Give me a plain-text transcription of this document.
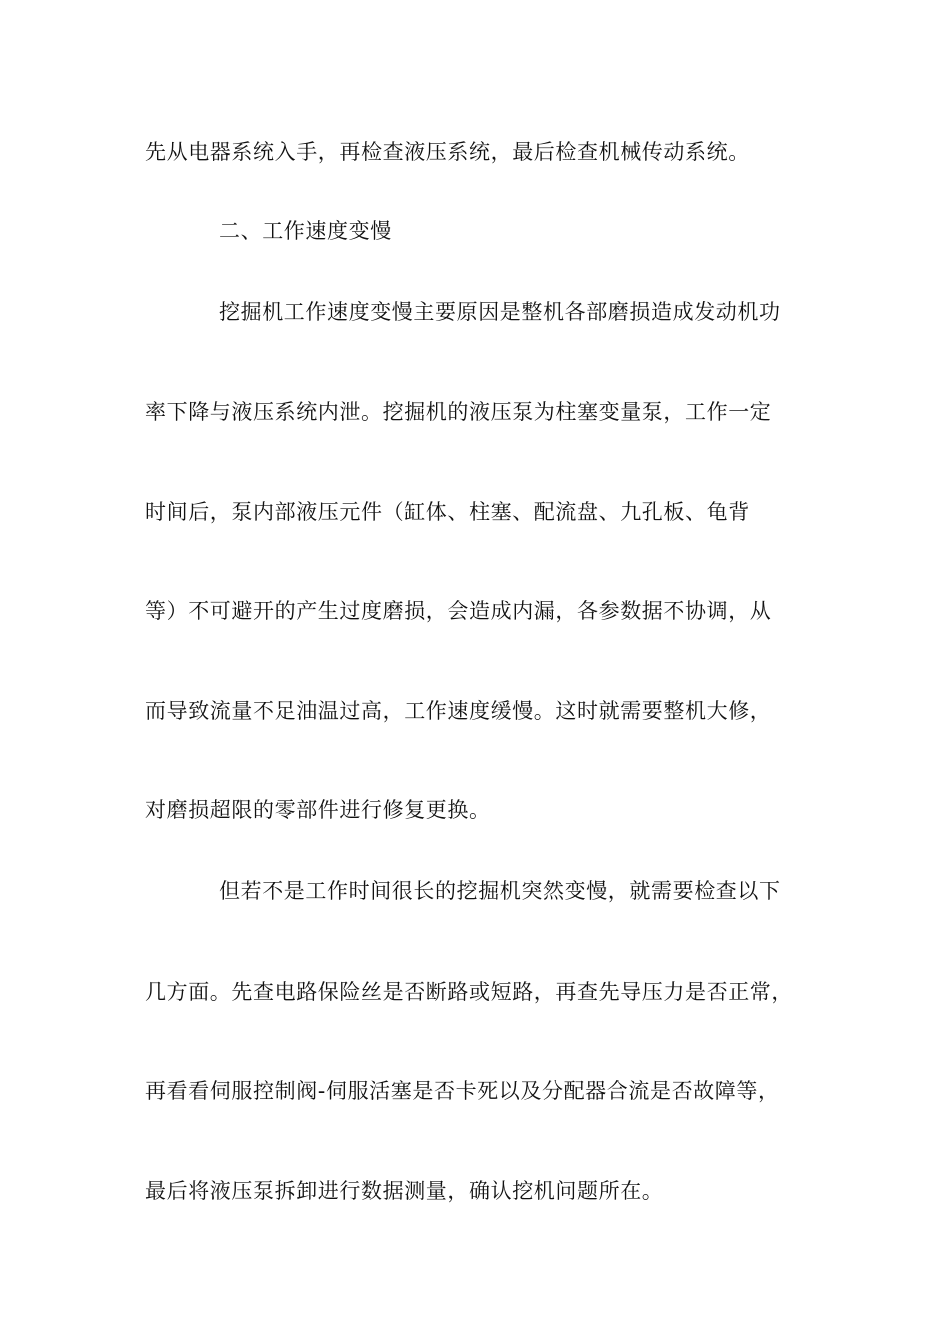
先从电器系统入手，再检查液压系统，最后检查机械传动系统。
二、工作速度变慢
挖掘机工作速度变慢主要原因是整机各部磨损造成发动机功
率下降与液压系统内泄。挖掘机的液压泵为柱塞变量泵，工作一定
时间后，泵内部液压元件（缸体、柱塞、配流盘、九孔板、龟背
等）不可避开的产生过度磨损，会造成内漏，各参数据不协调，从
而导致流量不足油温过高，工作速度缓慢。这时就需要整机大修，
对磨损超限的零部件进行修复更换。
但若不是工作时间很长的挖掘机突然变慢，就需要检查以下
几方面。先查电路保险丝是否断路或短路，再查先导压力是否正常，
再看看伺服控制阀-伺服活塞是否卡死以及分配器合流是否故障等，
最后将液压泵拆卸进行数据测量，确认挖机问题所在。
